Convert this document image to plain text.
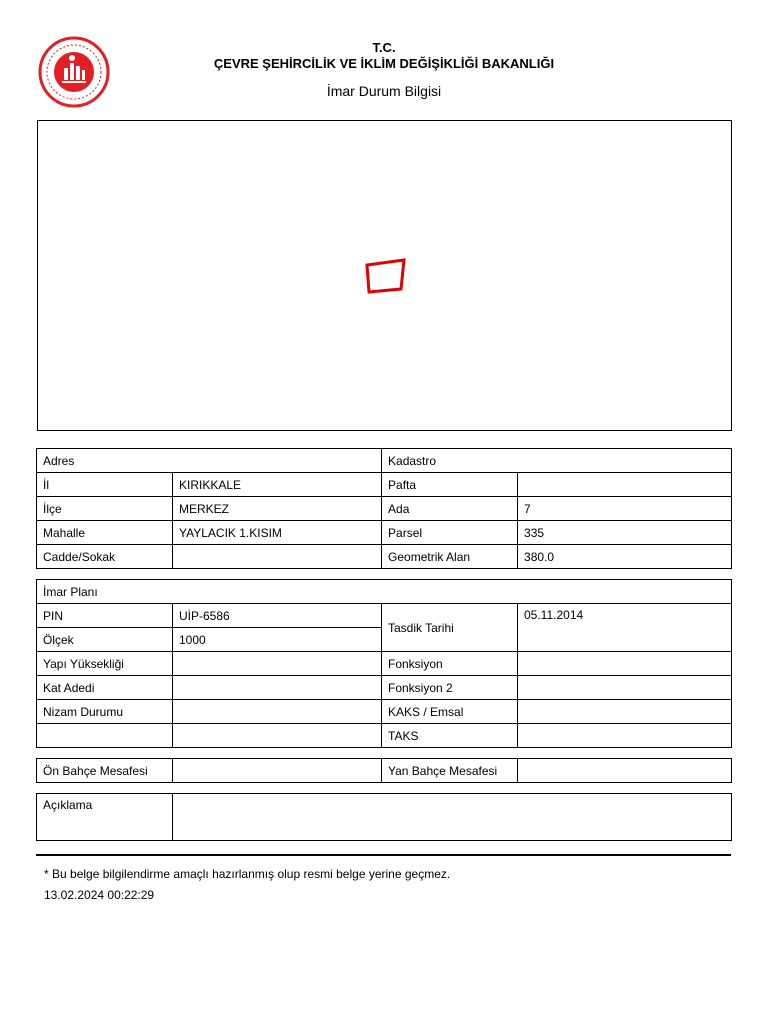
T.C.
ÇEVRE ŞEHİRCİLİK VE İKLİM DEĞİŞİKLİĞİ BAKANLIĞI
İmar Durum Bilgisi
Adres		Kadastro	
İl	KIRIKKALE	Pafta	
İlçe	MERKEZ	Ada	7
Mahalle	YAYLACIK 1.KISIM	Parsel	335
Cadde/Sokak		Geometrik Alan	380.0
İmar Planı			
PIN	UİP-6586	Tasdik Tarihi	05.11.2014
Ölçek	1000		
Yapı Yüksekliği		Fonksiyon	
Kat Adedi		Fonksiyon 2	
Nizam Durumu		KAKS / Emsal	
		TAKS	
Ön Bahçe Mesafesi		Yan Bahçe Mesafesi	
Açıklama	
* Bu belge bilgilendirme amaçlı hazırlanmış olup resmi belge yerine geçmez.
13.02.2024 00:22:29
